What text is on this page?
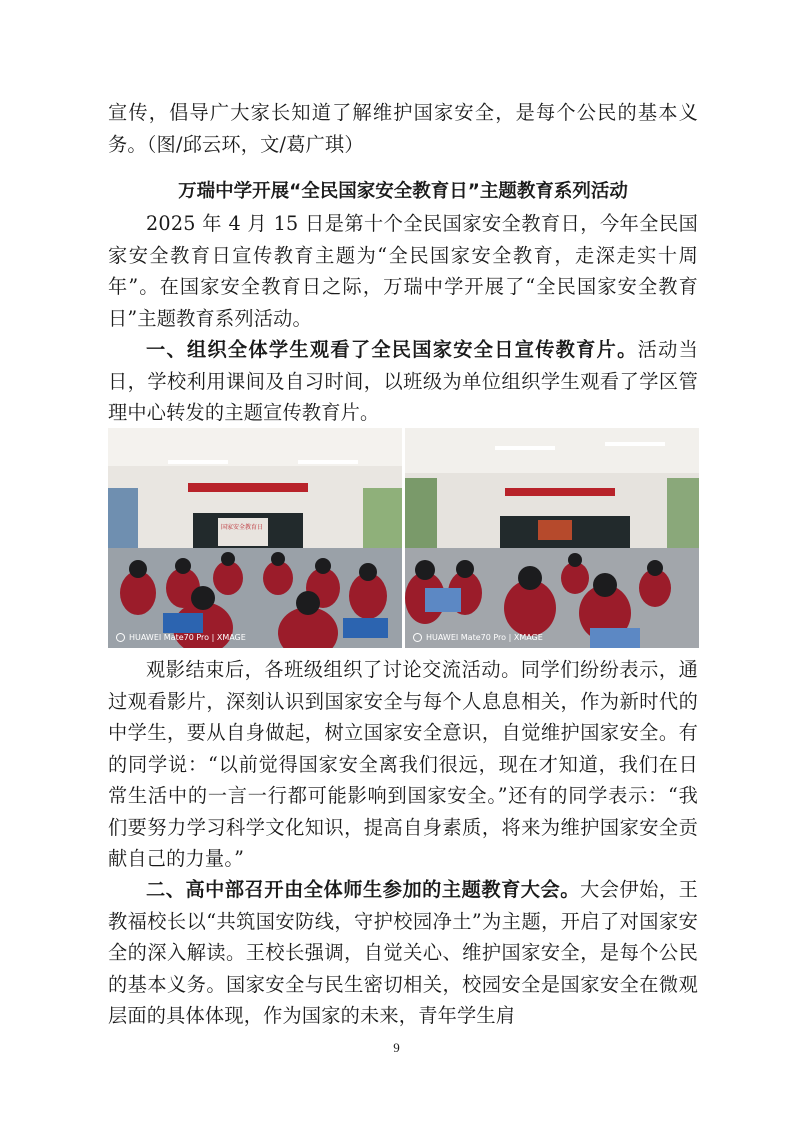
宣传，倡导广大家长知道了解维护国家安全，是每个公民的基本义务。（图/邱云环，文/葛广琪）

万瑞中学开展“全民国家安全教育日”主题教育系列活动

2025 年 4 月 15 日是第十个全民国家安全教育日，今年全民国家安全教育日宣传教育主题为“全民国家安全教育，走深走实十周年”。在国家安全教育日之际，万瑞中学开展了“全民国家安全教育日”主题教育系列活动。

一、组织全体学生观看了全民国家安全日宣传教育片。活动当日，学校利用课间及自习时间，以班级为单位组织学生观看了学区管理中心转发的主题宣传教育片。

国家安全教育日
HUAWEI Mate70 Pro | XMAGE	HUAWEI Mate70 Pro | XMAGE

观影结束后，各班级组织了讨论交流活动。同学们纷纷表示，通过观看影片，深刻认识到国家安全与每个人息息相关，作为新时代的中学生，要从自身做起，树立国家安全意识，自觉维护国家安全。有的同学说：“以前觉得国家安全离我们很远，现在才知道，我们在日常生活中的一言一行都可能影响到国家安全。”还有的同学表示：“我们要努力学习科学文化知识，提高自身素质，将来为维护国家安全贡献自己的力量。”

二、高中部召开由全体师生参加的主题教育大会。大会伊始，王教福校长以“共筑国安防线，守护校园净土”为主题，开启了对国家安全的深入解读。王校长强调，自觉关心、维护国家安全，是每个公民的基本义务。国家安全与民生密切相关，校园安全是国家安全在微观层面的具体体现，作为国家的未来，青年学生肩

9
